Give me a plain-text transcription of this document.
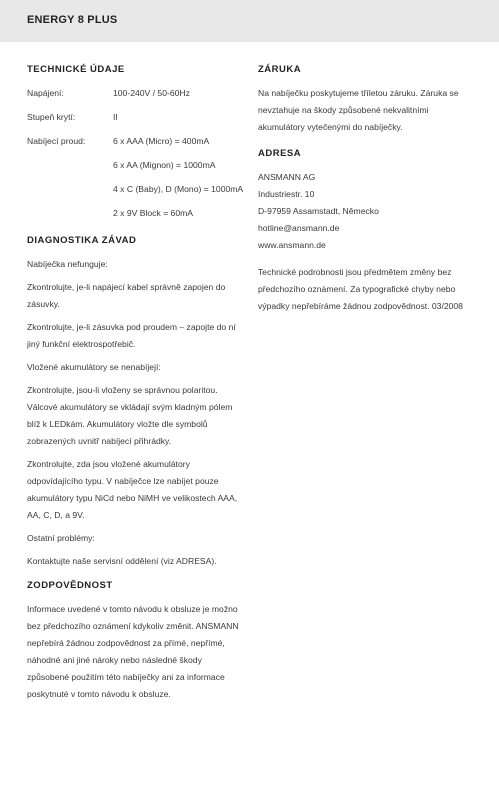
ENERGY 8 PLUS
TECHNICKÉ ÚDAJE
Napájení:	100-240V / 50-60Hz
Stupeň krytí:	II
Nabíjecí proud:	6 x AAA (Micro) = 400mA
6 x AA (Mignon) = 1000mA
4 x C (Baby), D (Mono) = 1000mA
2 x 9V Block = 60mA
DIAGNOSTIKA ZÁVAD

Nabíječka nefunguje:

Zkontrolujte, je-li napájecí kabel správně zapojen do zásuvky.

Zkontrolujte, je-li zásuvka pod proudem – zapojte do ní jiný funkční elektrospotřebič.

Vložené akumulátory se nenabíjejí:

Zkontrolujte, jsou-li vloženy se správnou polaritou. Válcové akumulátory se vkládají svým kladným pólem blíž k LEDkám. Akumulátory vložte dle symbolů zobrazených uvnitř nabíjecí přihrádky.

Zkontrolujte, zda jsou vložené akumulátory odpovídajícího typu. V nabíječce lze nabíjet pouze akumulátory typu NiCd nebo NiMH ve velikostech AAA, AA, C, D, a 9V.

Ostatní problémy:

Kontaktujte naše servisní oddělení (viz ADRESA).

ZODPOVĚDNOST

Informace uvedené v tomto návodu k obsluze je možno bez předchozího oznámení kdykoliv změnit. ANSMANN nepřebírá žádnou zodpovědnost za přímé, nepřímé, náhodné ani jiné nároky nebo následné škody způsobené použitím této nabíječky ani za informace poskytnuté v tomto návodu k obsluze.

ZÁRUKA

Na nabíječku poskytujeme tříletou záruku. Záruka se nevztahuje na škody způsobené nekvalitními akumulátory vytečenými do nabíječky.

ADRESA
ANSMANN AG
Industriestr. 10
D-97959 Assamstadt, Německo
hotline@ansmann.de
www.ansmann.de

Technické podrobnosti jsou předmětem změny bez předchozího oznámení. Za typografické chyby nebo výpadky nepřebíráme žádnou zodpovědnost. 03/2008
